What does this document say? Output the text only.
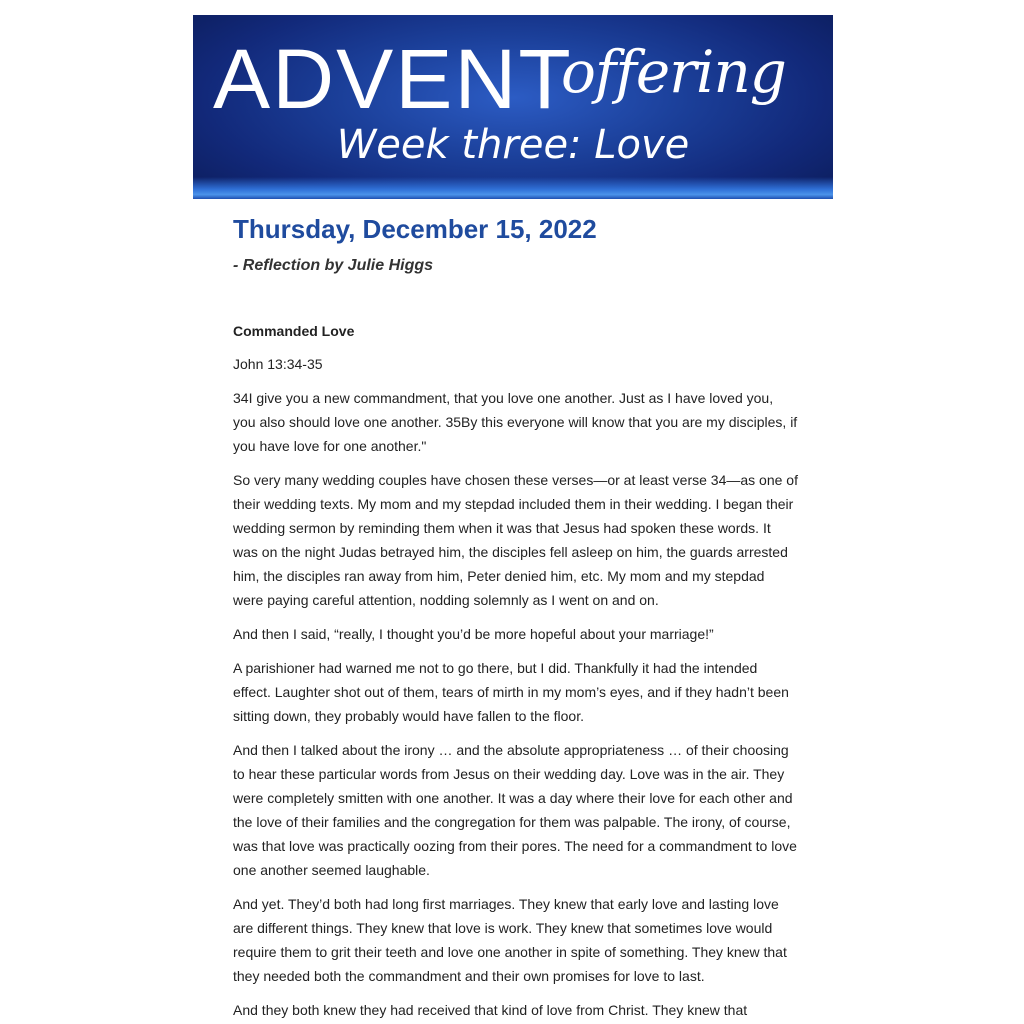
ADVENT
offering
Week three: Love
Thursday, December 15, 2022
- Reflection by Julie Higgs
Commanded Love
John 13:34-35

34I give you a new commandment, that you love one another. Just as I have loved you, you also should love one another. 35By this everyone will know that you are my disciples, if you have love for one another."

So very many wedding couples have chosen these verses—or at least verse 34—as one of their wedding texts. My mom and my stepdad included them in their wedding. I began their wedding sermon by reminding them when it was that Jesus had spoken these words. It was on the night Judas betrayed him, the disciples fell asleep on him, the guards arrested him, the disciples ran away from him, Peter denied him, etc. My mom and my stepdad were paying careful attention, nodding solemnly as I went on and on.

And then I said, “really, I thought you’d be more hopeful about your marriage!”

A parishioner had warned me not to go there, but I did. Thankfully it had the intended effect. Laughter shot out of them, tears of mirth in my mom’s eyes, and if they hadn’t been sitting down, they probably would have fallen to the floor.

And then I talked about the irony … and the absolute appropriateness … of their choosing to hear these particular words from Jesus on their wedding day. Love was in the air. They were completely smitten with one another. It was a day where their love for each other and the love of their families and the congregation for them was palpable. The irony, of course, was that love was practically oozing from their pores. The need for a commandment to love one another seemed laughable.

And yet. They’d both had long first marriages. They knew that early love and lasting love are different things. They knew that love is work. They knew that sometimes love would require them to grit their teeth and love one another in spite of something. They knew that they needed both the commandment and their own promises for love to last.

And they both knew they had received that kind of love from Christ. They knew that
